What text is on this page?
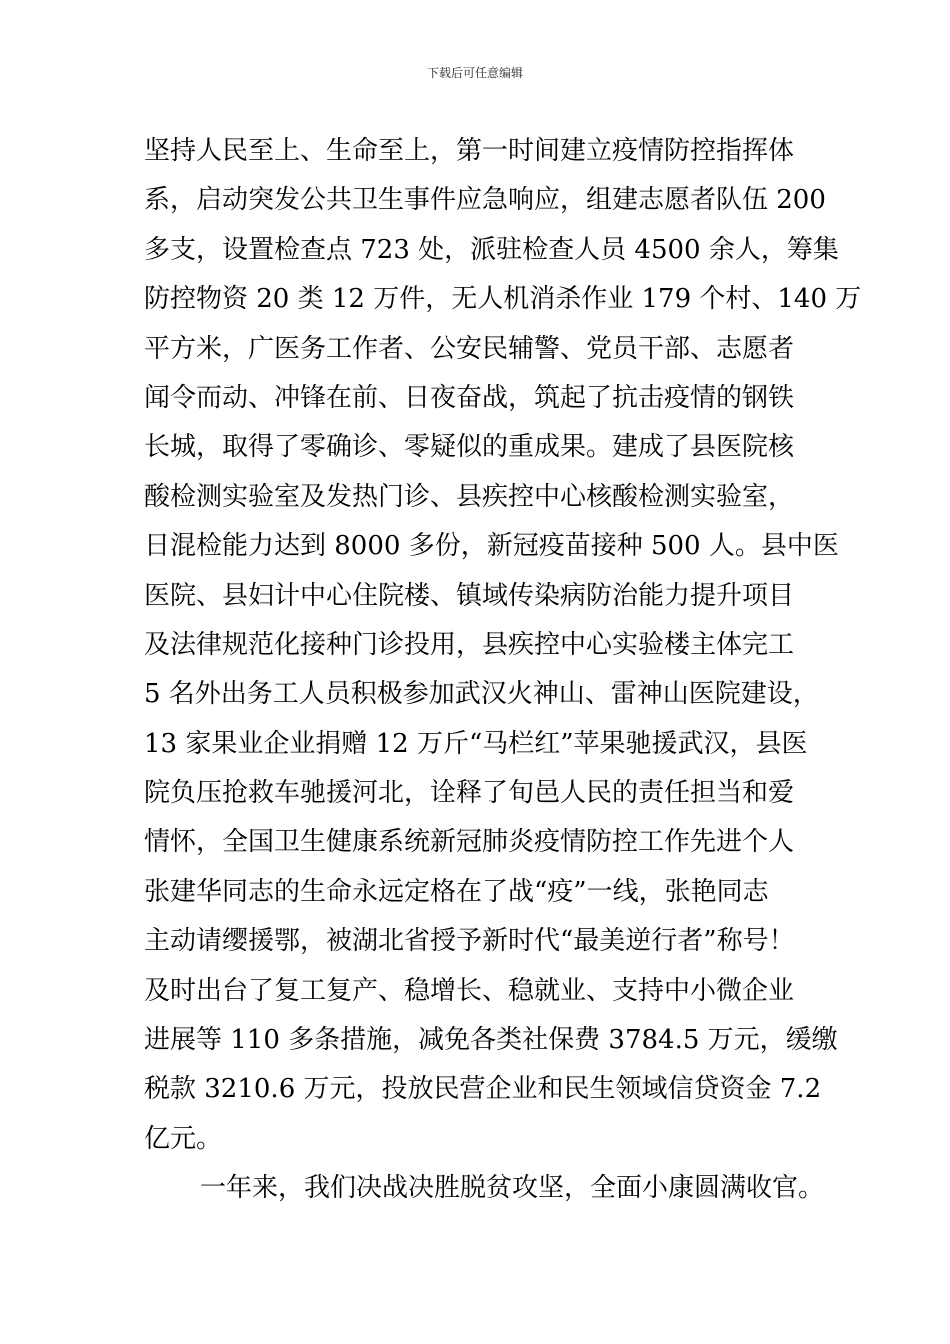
下载后可任意编辑
坚持人民至上、生命至上，第一时间建立疫情防控指挥体
系，启动突发公共卫生事件应急响应，组建志愿者队伍 200
多支，设置检查点 723 处，派驻检查人员 4500 余人，筹集
防控物资 20 类 12 万件，无人机消杀作业 179 个村、140 万
平方米，广医务工作者、公安民辅警、党员干部、志愿者
闻令而动、冲锋在前、日夜奋战，筑起了抗击疫情的钢铁
长城，取得了零确诊、零疑似的重成果。建成了县医院核
酸检测实验室及发热门诊、县疾控中心核酸检测实验室，
日混检能力达到 8000 多份，新冠疫苗接种 500 人。县中医
医院、县妇计中心住院楼、镇域传染病防治能力提升项目
及法律规范化接种门诊投用，县疾控中心实验楼主体完工
5 名外出务工人员积极参加武汉火神山、雷神山医院建设，
13 家果业企业捐赠 12 万斤“马栏红”苹果驰援武汉，县医
院负压抢救车驰援河北，诠释了旬邑人民的责任担当和爱
情怀，全国卫生健康系统新冠肺炎疫情防控工作先进个人
张建华同志的生命永远定格在了战“疫”一线，张艳同志
主动请缨援鄂，被湖北省授予新时代“最美逆行者”称号！
及时出台了复工复产、稳增长、稳就业、支持中小微企业
进展等 110 多条措施，减免各类社保费 3784.5 万元，缓缴
税款 3210.6 万元，投放民营企业和民生领域信贷资金 7.2
亿元。
一年来，我们决战决胜脱贫攻坚，全面小康圆满收官。
